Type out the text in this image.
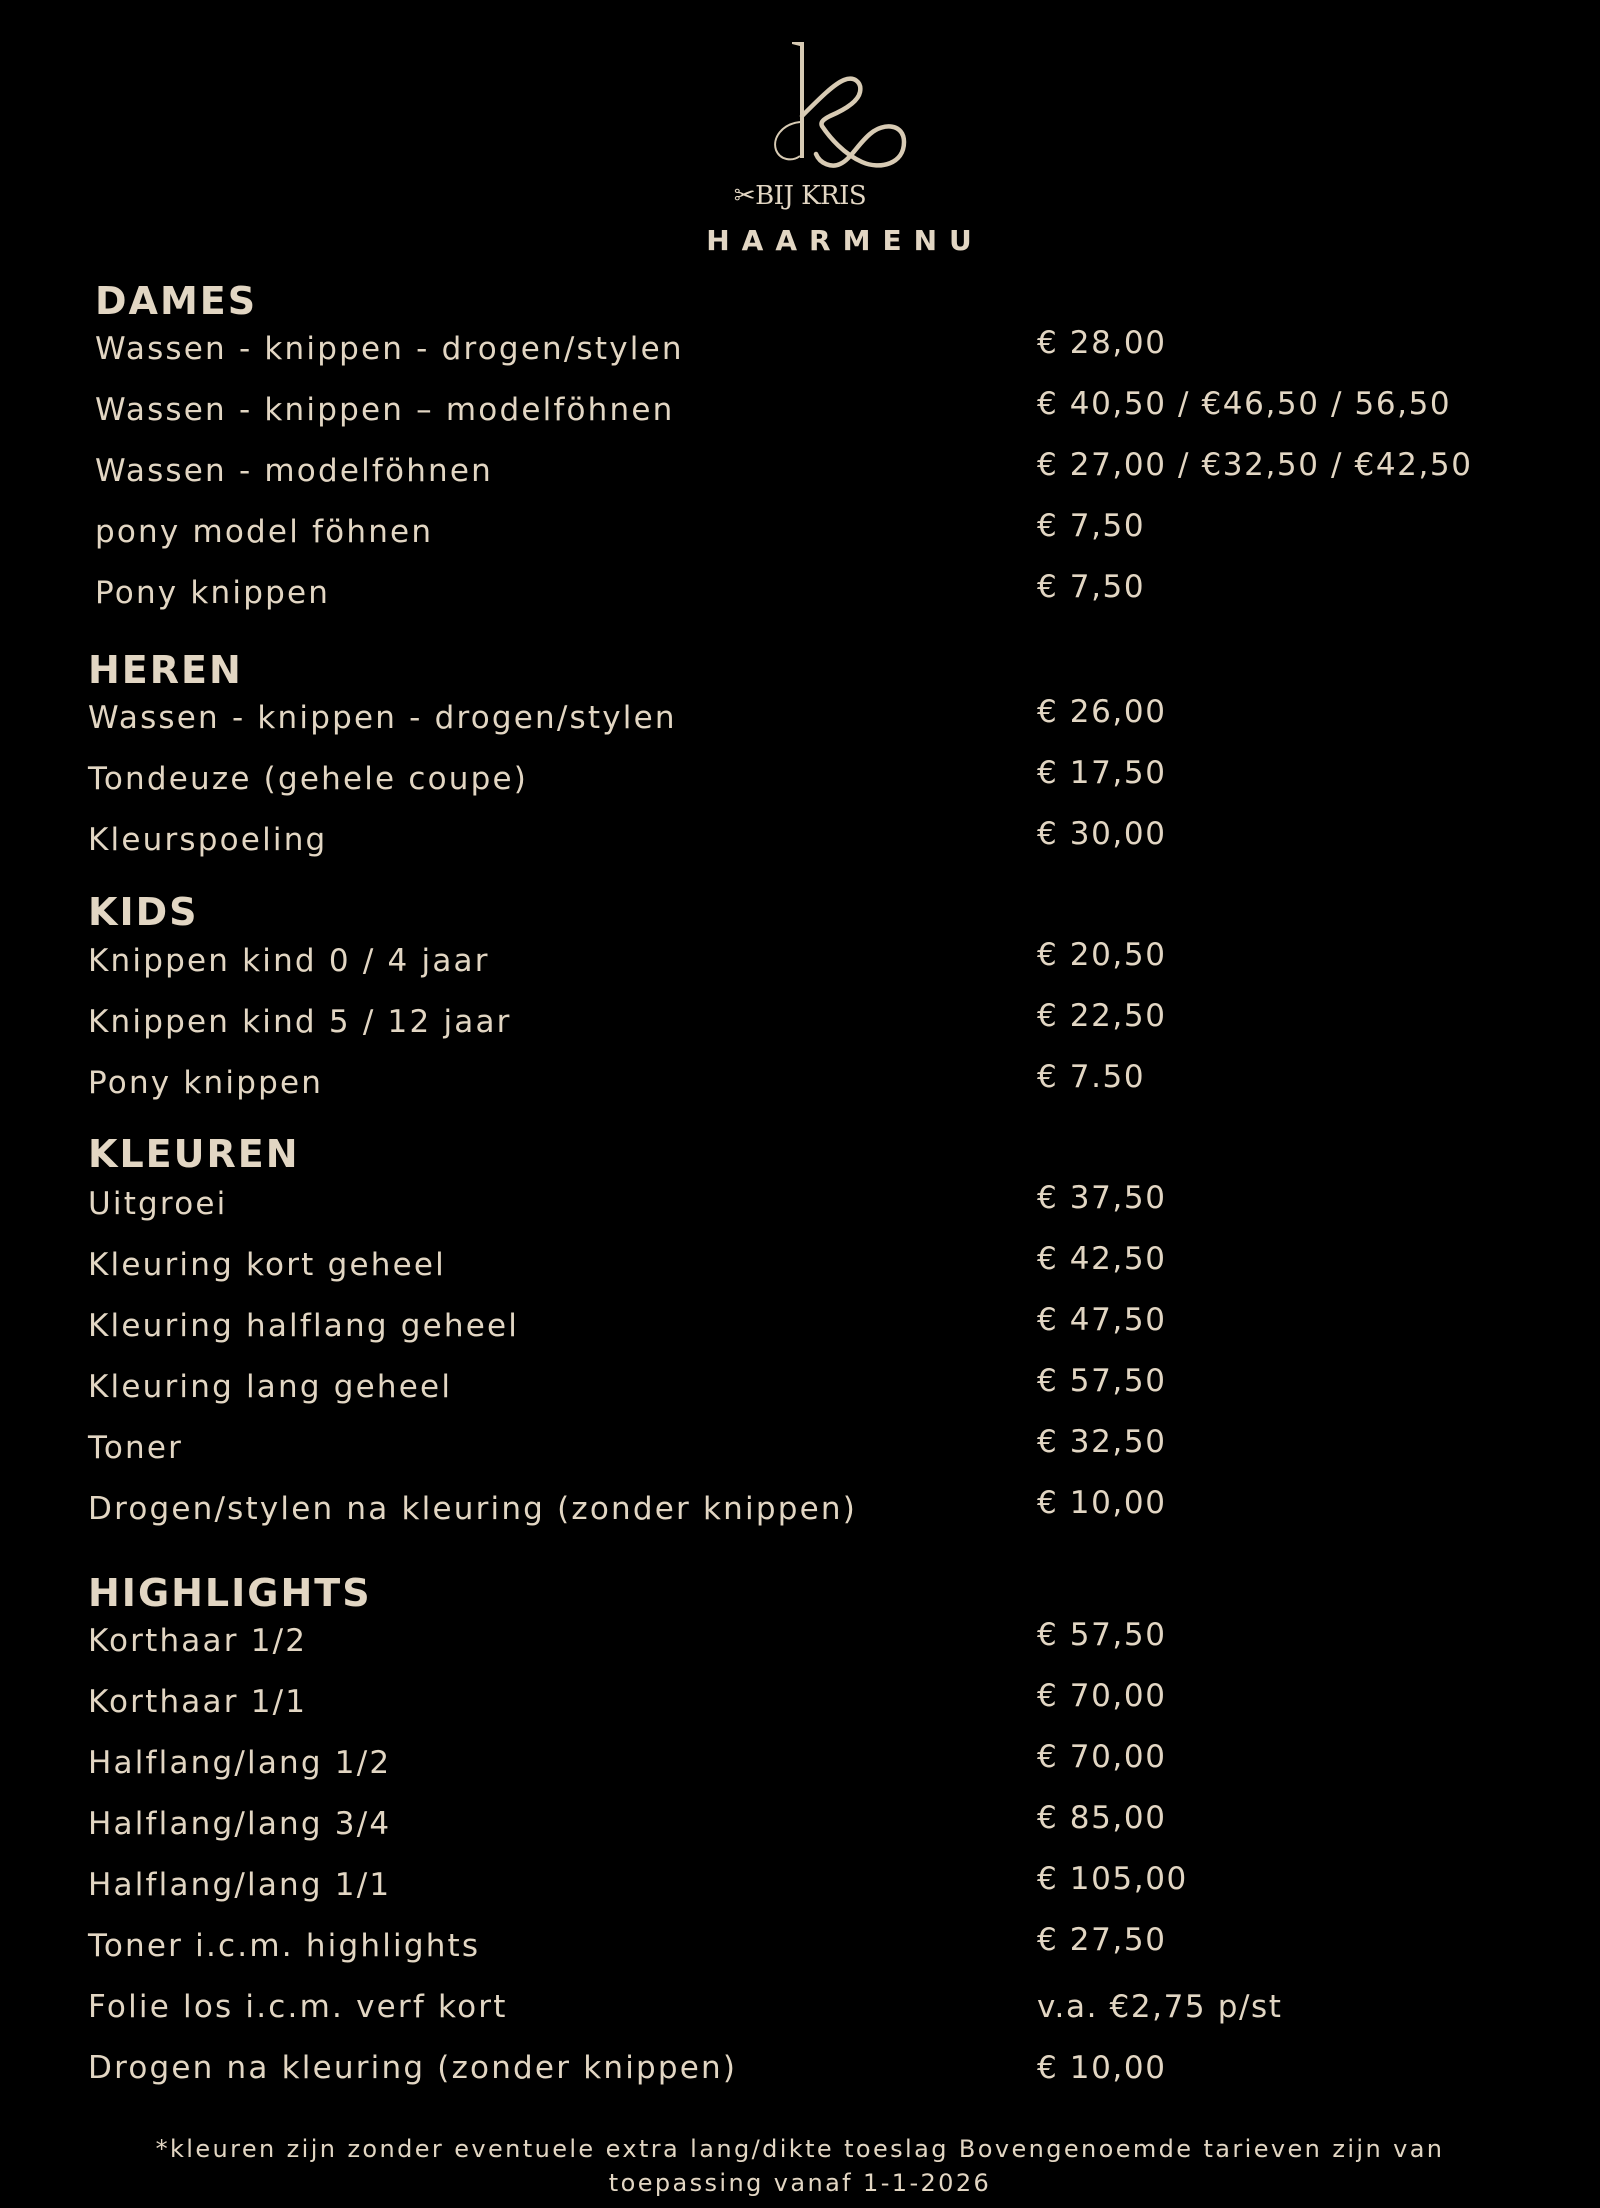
✂BIJ KRIS
HAARMENU
DAMES
Wassen - knippen - drogen/stylen	€ 28,00
Wassen - knippen – modelföhnen	€ 40,50 / €46,50 / 56,50
Wassen - modelföhnen	€ 27,00 / €32,50 / €42,50
pony model föhnen	€ 7,50
Pony knippen	€ 7,50
HEREN
Wassen - knippen - drogen/stylen	€ 26,00
Tondeuze (gehele coupe)	€ 17,50
Kleurspoeling	€ 30,00
KIDS
Knippen kind 0 / 4 jaar	€ 20,50
Knippen kind 5 / 12 jaar	€ 22,50
Pony knippen	€ 7.50
KLEUREN
Uitgroei	€ 37,50
Kleuring kort geheel	€ 42,50
Kleuring halflang geheel	€ 47,50
Kleuring lang geheel	€ 57,50
Toner	€ 32,50
Drogen/stylen na kleuring (zonder knippen)	€ 10,00
HIGHLIGHTS
Korthaar 1/2	€ 57,50
Korthaar 1/1	€ 70,00
Halflang/lang 1/2	€ 70,00
Halflang/lang 3/4	€ 85,00
Halflang/lang 1/1	€ 105,00
Toner i.c.m. highlights	€ 27,50
Folie los i.c.m. verf kort	v.a. €2,75 p/st
Drogen na kleuring (zonder knippen)	€ 10,00
*kleuren zijn zonder eventuele extra lang/dikte toeslag Bovengenoemde tarieven zijn van
toepassing vanaf 1-1-2026
